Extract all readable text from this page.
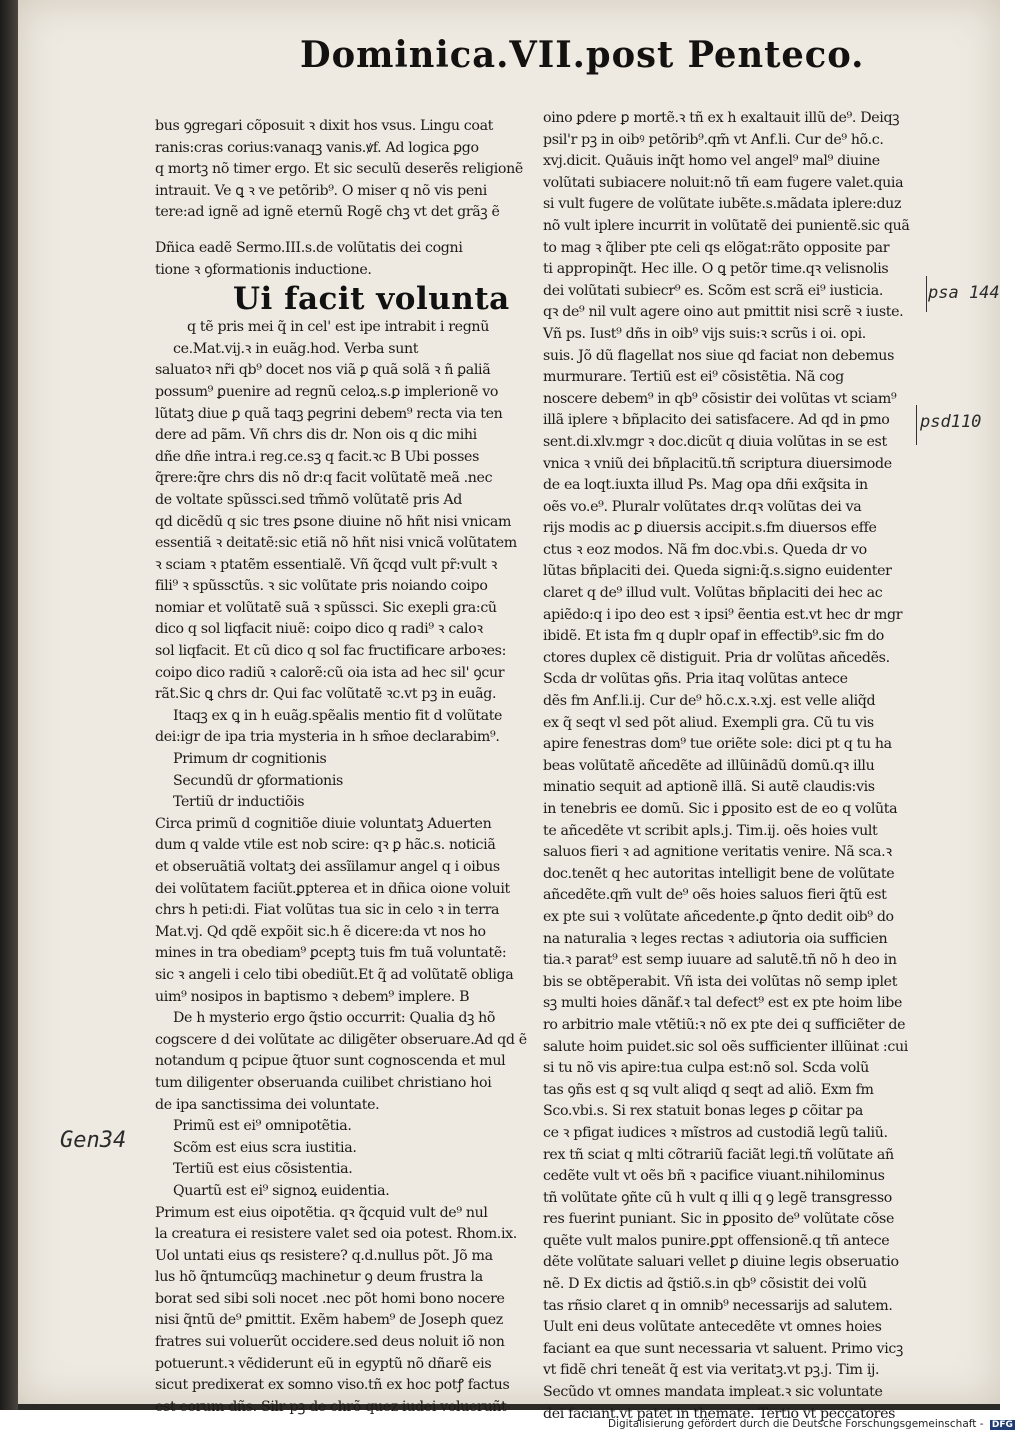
Dominica.VII.post Penteco.
bus ꝯgregari cõposuit ꝛ dixit hos vsus. Lingu coat
ranis:cras corius:vanaqꝫ vanis.ꝟf. Ad logica ꝑgo
q mortꝫ nõ timer ergo. Et sic seculũ deserẽs religionẽ
intrauit. Ve ꝗ ꝛ ve petõrib⁹. O miser q nõ vis peni
tere:ad ignẽ ad ignẽ eternũ Rogẽ chꝫ vt det grãꝫ ẽ
Dñica eadẽ Sermo.III.s.de volũtatis dei cogni
tione ꝛ ꝯformationis inductione.
Ui facit volunta
q tẽ pris mei q̃ in cel' est ipe intrabit i regnũ
ce.Mat.vij.ꝛ in euãg.hod. Verba sunt
saluatoꝛ nr̃i qb⁹ docet nos viã ꝑ quã solã ꝛ ñ ꝑaliã
possum⁹ ꝑuenire ad regnũ celoꝝ.s.ꝑ implerionẽ vo
lũtatꝫ diue ꝑ quã taqꝫ ꝑegrini debem⁹ recta via ten
dere ad pãm. Vñ chrs dis dr. Non ois q dic mihi
dñe dñe intra.i reg.ce.sꝫ q facit.ꝛc B Ubi posses
q̃rere:q̃re chrs dis nõ dr:q facit volũtatẽ meã .nec
de voltate spũssci.sed tm̃mõ volũtatẽ pris Ad
qd dicẽdũ q sic tres ꝑsone diuine nõ hñt nisi vnicam
essentiã ꝛ deitatẽ:sic etiã nõ hñt nisi vnicã volũtatem
ꝛ sciam ꝛ ptatẽm essentialẽ. Vñ q̃cqd vult pr̃:vult ꝛ
fili⁹ ꝛ spũssctũs. ꝛ sic volũtate pris noiando coipo
nomiar et volũtatẽ suã ꝛ spũssci. Sic exepli gra:cũ
dico q sol liqfacit niuẽ: coipo dico q radi⁹ ꝛ caloꝛ
sol liqfacit. Et cũ dico q sol fac fructificare arboꝛes:
coipo dico radiũ ꝛ calorẽ:cũ oia ista ad hec sil' ꝯcur
rãt.Sic ꝗ chrs dr. Qui fac volũtatẽ ꝛc.vt pꝫ in euãg.
Itaqꝫ ex ꝗ in h euãg.spẽalis mentio fit d volũtate
dei:igr de ipa tria mysteria in h sm̃oe declarabim⁹.
Primum dr cognitionis
Secundũ dr ꝯformationis
Tertiũ dr inductiõis
Circa primũ d cognitiõe diuie voluntatꝫ Aduerten
dum q valde vtile est nob scire: qꝛ ꝑ hãc.s. noticiã
et obseruãtiã voltatꝫ dei assĩilamur angel q i oibus
dei volũtatem faciũt.ꝑpterea et in dñica oione voluit
chrs h peti:di. Fiat volũtas tua sic in celo ꝛ in terra
Mat.vj. Qd qdẽ expõit sic.h ẽ dicere:da vt nos ho
mines in tra obediam⁹ ꝑceptꝫ tuis fm tuã voluntatẽ:
sic ꝛ angeli i celo tibi obediũt.Et q̃ ad volũtatẽ obliga
uim⁹ nosipos in baptismo ꝛ debem⁹ implere. B
De h mysterio ergo q̃stio occurrit: Qualia dꝫ hõ
cogscere d dei volũtate ac diligẽter obseruare.Ad qd ẽ
notandum q pcipue q̃tuor sunt cognoscenda et mul
tum diligenter obseruanda cuilibet christiano hoi
de ipa sanctissima dei voluntate.
Primũ est ei⁹ omnipotẽtia.
Scõm est eius scra iustitia.
Tertiũ est eius cõsistentia.
Quartũ est ei⁹ signoꝝ euidentia.
Primum est eius oipotẽtia. qꝛ q̃cquid vult de⁹ nul
la creatura ei resistere valet sed oia potest. Rhom.ix.
Uol untati eius qs resistere? q.d.nullus põt. Jõ ma
lus hõ q̃ntumcũqꝫ machinetur ꝯ deum frustra la
borat sed sibi soli nocet .nec põt homi bono nocere
nisi q̃ntũ de⁹ ꝑmittit. Exẽm habem⁹ de Joseph quez
fratres sui voluerũt occidere.sed deus noluit iõ non
potuerunt.ꝛ vẽdiderunt eũ in egyptũ nõ dñarẽ eis
sicut predixerat ex somno viso.tñ ex hoc potꝭ factus
est eorum dñs. Silr pꝫ de chrõ quez iudei volueruñt
oino ꝑdere ꝑ mortẽ.ꝛ tñ ex h exaltauit illũ de⁹. Deiqꝫ
psil'r pꝫ in oibꝰ petõrib⁹.qm̃ vt Anf.li. Cur de⁹ hõ.c.
xvj.dicit. Quãuis inq̃t homo vel angel⁹ mal⁹ diuine
volũtati subiacere noluit:nõ tñ eam fugere valet.quia
si vult fugere de volũtate iubẽte.s.mãdata iplere:duz
nõ vult iplere incurrit in volũtatẽ dei punientẽ.sic quã
to mag ꝛ q̃liber pte celi qs elõgat:rãto opposite par
ti appropinq̃t. Hec ille. O ꝗ petõr time.qꝛ velisnolis
dei volũtati subiecr⁹ es. Scõm est scrã ei⁹ iusticia.
qꝛ de⁹ nil vult agere oino aut pmittit nisi scrẽ ꝛ iuste.
Vñ ps. Iust⁹ dñs in oib⁹ vijs suis:ꝛ scrũs i oi. opi.
suis. Jõ dũ flagellat nos siue qd faciat non debemus
murmurare. Tertiũ est ei⁹ cõsistẽtia. Nã cog
noscere debem⁹ in qb⁹ cõsistir dei volũtas vt sciam⁹
illã iplere ꝛ bñplacito dei satisfacere. Ad qd in ꝑmo
sent.di.xlv.mgr ꝛ doc.dicũt q diuia volũtas in se est
vnica ꝛ vniũ dei bñplacitũ.tñ scriptura diuersimode
de ea loqt.iuxta illud Ps. Mag opa dñi exq̃sita in
oẽs vo.e⁹. Pluralr volũtates dr.qꝛ volũtas dei va
rijs modis ac ꝑ diuersis accipit.s.fm diuersos effe
ctus ꝛ eoz modos. Nã fm doc.vbi.s. Queda dr vo
lũtas bñplaciti dei. Queda signi:q̃.s.signo euidenter
claret q de⁹ illud vult. Volũtas bñplaciti dei hec ac
apiẽdo:q i ipo deo est ꝛ ipsi⁹ ẽentia est.vt hec dr mgr
ibidẽ. Et ista fm q duplr opaf in effectib⁹.sic fm do
ctores duplex cẽ distiguit. Pria dr volũtas añcedẽs.
Scda dr volũtas ꝯñs. Pria itaq volũtas antece
dẽs fm Anf.li.ij. Cur de⁹ hõ.c.x.ꝛ.xj. est velle aliq̃d
ex q̃ seqt vl sed põt aliud. Exempli gra. Cũ tu vis
apire fenestras dom⁹ tue oriẽte sole: dici pt q tu ha
beas volũtatẽ añcedẽte ad illũinãdũ domũ.qꝛ illu
minatio sequit ad aptionẽ illã. Si autẽ claudis:vis
in tenebris ee domũ. Sic i ꝑposito est de eo q volũta
te añcedẽte vt scribit apls.j. Tim.ij. oẽs hoies vult
saluos fieri ꝛ ad agnitione veritatis venire. Nã sca.ꝛ
doc.tenẽt q hec autoritas intelligit bene de volũtate
añcedẽte.qm̃ vult de⁹ oẽs hoies saluos fieri q̃tũ est
ex pte sui ꝛ volũtate añcedente.ꝑ q̃nto dedit oib⁹ do
na naturalia ꝛ leges rectas ꝛ adiutoria oia sufficien
tia.ꝛ parat⁹ est semp iuuare ad salutẽ.tñ nõ h deo in
bis se obtẽperabit. Vñ ista dei volũtas nõ semp iplet
sꝫ multi hoies dãnãf.ꝛ tal defect⁹ est ex pte hoim libe
ro arbitrio male vtẽtiũ:ꝛ nõ ex pte dei q sufficiẽter de
salute hoim puidet.sic sol oẽs sufficienter illũinat :cui
si tu nõ vis apire:tua culpa est:nõ sol. Scda volũ
tas ꝯñs est q sq vult aliqd q seqt ad aliõ. Exm fm
Sco.vbi.s. Si rex statuit bonas leges ꝑ cõitar pa
ce ꝛ pfigat iudices ꝛ mĩstros ad custodiã legũ taliũ.
rex tñ sciat q mlti cõtrariũ faciãt legi.tñ volũtate añ
cedẽte vult vt oẽs bñ ꝛ pacifice viuant.nihilominus
tñ volũtate ꝯñte cũ h vult q illi q ꝯ legẽ transgresso
res fuerint puniant. Sic in ꝑposito de⁹ volũtate cõse
quẽte vult malos punire.ꝑpt offensionẽ.q tñ antece
dẽte volũtate saluari vellet ꝑ diuine legis obseruatio
nẽ. D Ex dictis ad q̃stiõ.s.in qb⁹ cõsistit dei volũ
tas rñsio claret q in omnib⁹ necessarijs ad salutem.
Uult eni deus volũtate antecedẽte vt omnes hoies
faciant ea que sunt necessaria vt saluent. Primo vicꝫ
vt fidẽ chri teneãt q̃ est via veritatꝫ.vt pꝫ.j. Tim ij.
Secũdo vt omnes mandata impleat.ꝛ sic voluntate
dei faciant.vt patet in themate. Tertio vt peccatores
psa 144
psd110
Gen34
Digitalisierung gefördert durch die Deutsche Forschungsgemeinschaft - DFG
